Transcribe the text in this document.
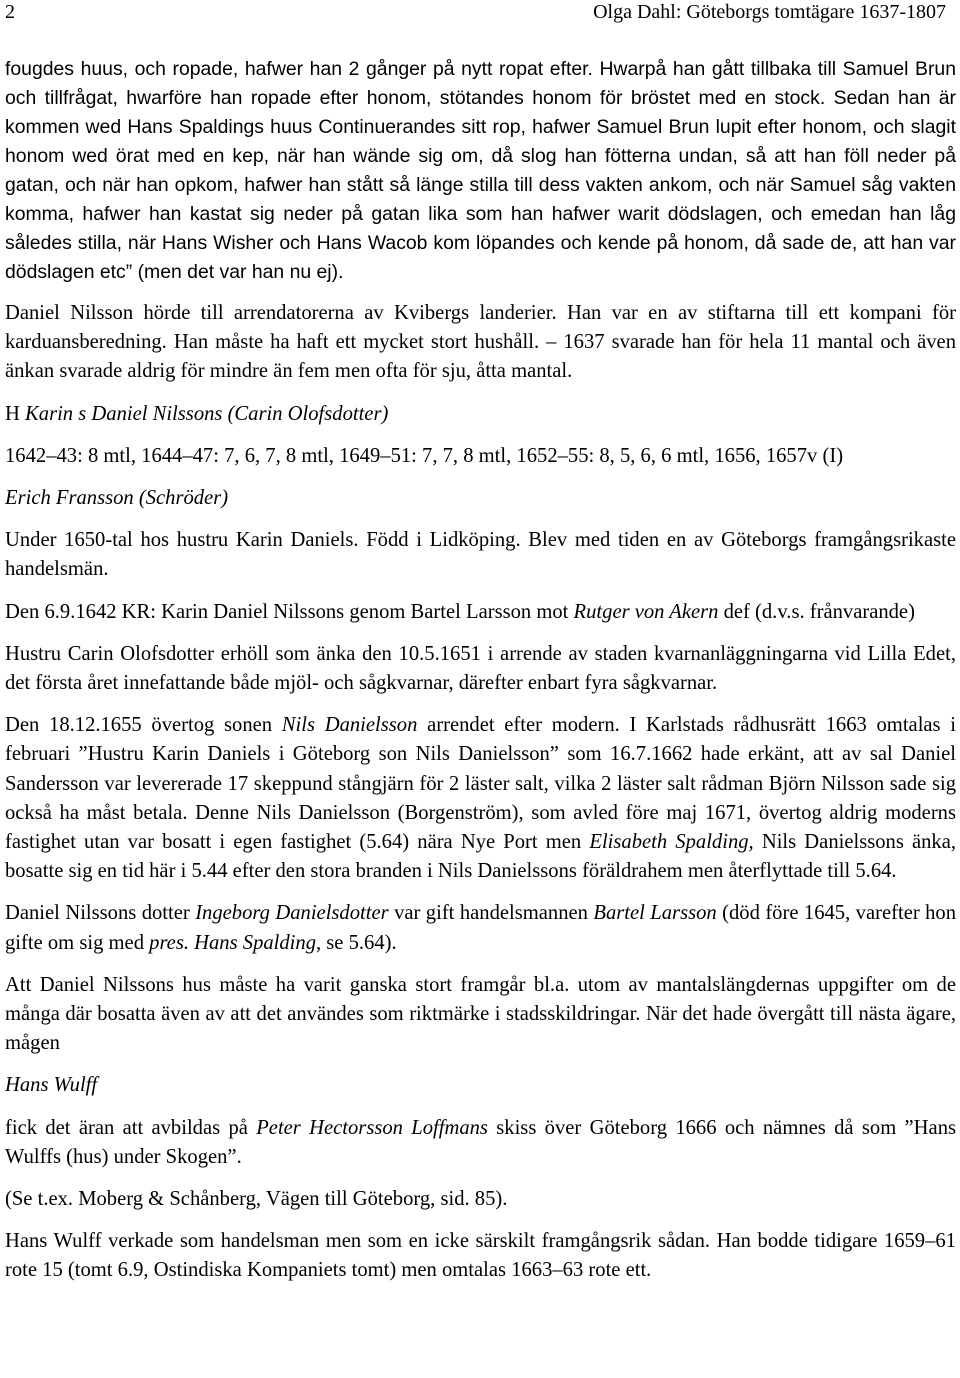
2	Olga Dahl: Göteborgs tomtägare 1637-1807

fougdes huus, och ropade, hafwer han 2 gånger på nytt ropat efter. Hwarpå han gått tillbaka till Samuel Brun och tillfrågat, hwarföre han ropade efter honom, stötandes honom för bröstet med en stock. Sedan han är kommen wed Hans Spaldings huus Continuerandes sitt rop, hafwer Samuel Brun lupit efter honom, och slagit honom wed örat med en kep, när han wände sig om, då slog han fötterna undan, så att han föll neder på gatan, och när han opkom, hafwer han stått så länge stilla till dess vakten ankom, och när Samuel såg vakten komma, hafwer han kastat sig neder på gatan lika som han hafwer warit dödslagen, och emedan han låg således stilla, när Hans Wisher och Hans Wacob kom löpandes och kende på honom, då sade de, att han var dödslagen etc” (men det var han nu ej).

Daniel Nilsson hörde till arrendatorerna av Kvibergs landerier. Han var en av stiftarna till ett kompani för karduansberedning. Han måste ha haft ett mycket stort hushåll. – 1637 svarade han för hela 11 mantal och även änkan svarade aldrig för mindre än fem men ofta för sju, åtta mantal.

H Karin s Daniel Nilssons (Carin Olofsdotter)

1642–43: 8 mtl, 1644–47: 7, 6, 7, 8 mtl, 1649–51: 7, 7, 8 mtl, 1652–55: 8, 5, 6, 6 mtl, 1656, 1657v (I)

Erich Fransson (Schröder)

Under 1650-tal hos hustru Karin Daniels. Född i Lidköping. Blev med tiden en av Göteborgs framgångsrikaste handelsmän.

Den 6.9.1642 KR: Karin Daniel Nilssons genom Bartel Larsson mot Rutger von Akern def (d.v.s. frånvarande)

Hustru Carin Olofsdotter erhöll som änka den 10.5.1651 i arrende av staden kvarnanläggningarna vid Lilla Edet, det första året innefattande både mjöl- och sågkvarnar, därefter enbart fyra sågkvarnar.

Den 18.12.1655 övertog sonen Nils Danielsson arrendet efter modern. I Karlstads rådhusrätt 1663 omtalas i februari ”Hustru Karin Daniels i Göteborg son Nils Danielsson” som 16.7.1662 hade erkänt, att av sal Daniel Sandersson var levererade 17 skeppund stångjärn för 2 läster salt, vilka 2 läster salt rådman Björn Nilsson sade sig också ha måst betala. Denne Nils Danielsson (Borgenström), som avled före maj 1671, övertog aldrig moderns fastighet utan var bosatt i egen fastighet (5.64) nära Nye Port men Elisabeth Spalding, Nils Danielssons änka, bosatte sig en tid här i 5.44 efter den stora branden i Nils Danielssons föräldrahem men återflyttade till 5.64.

Daniel Nilssons dotter Ingeborg Danielsdotter var gift handelsmannen Bartel Larsson (död före 1645, varefter hon gifte om sig med pres. Hans Spalding, se 5.64).

Att Daniel Nilssons hus måste ha varit ganska stort framgår bl.a. utom av mantalslängdernas uppgifter om de många där bosatta även av att det användes som riktmärke i stadsskildringar. När det hade övergått till nästa ägare, mågen

Hans Wulff

fick det äran att avbildas på Peter Hectorsson Loffmans skiss över Göteborg 1666 och nämnes då som ”Hans Wulffs (hus) under Skogen”.

(Se t.ex. Moberg & Schånberg, Vägen till Göteborg, sid. 85).

Hans Wulff verkade som handelsman men som en icke särskilt framgångsrik sådan. Han bodde tidigare 1659–61 rote 15 (tomt 6.9, Ostindiska Kompaniets tomt) men omtalas 1663–63 rote ett.
